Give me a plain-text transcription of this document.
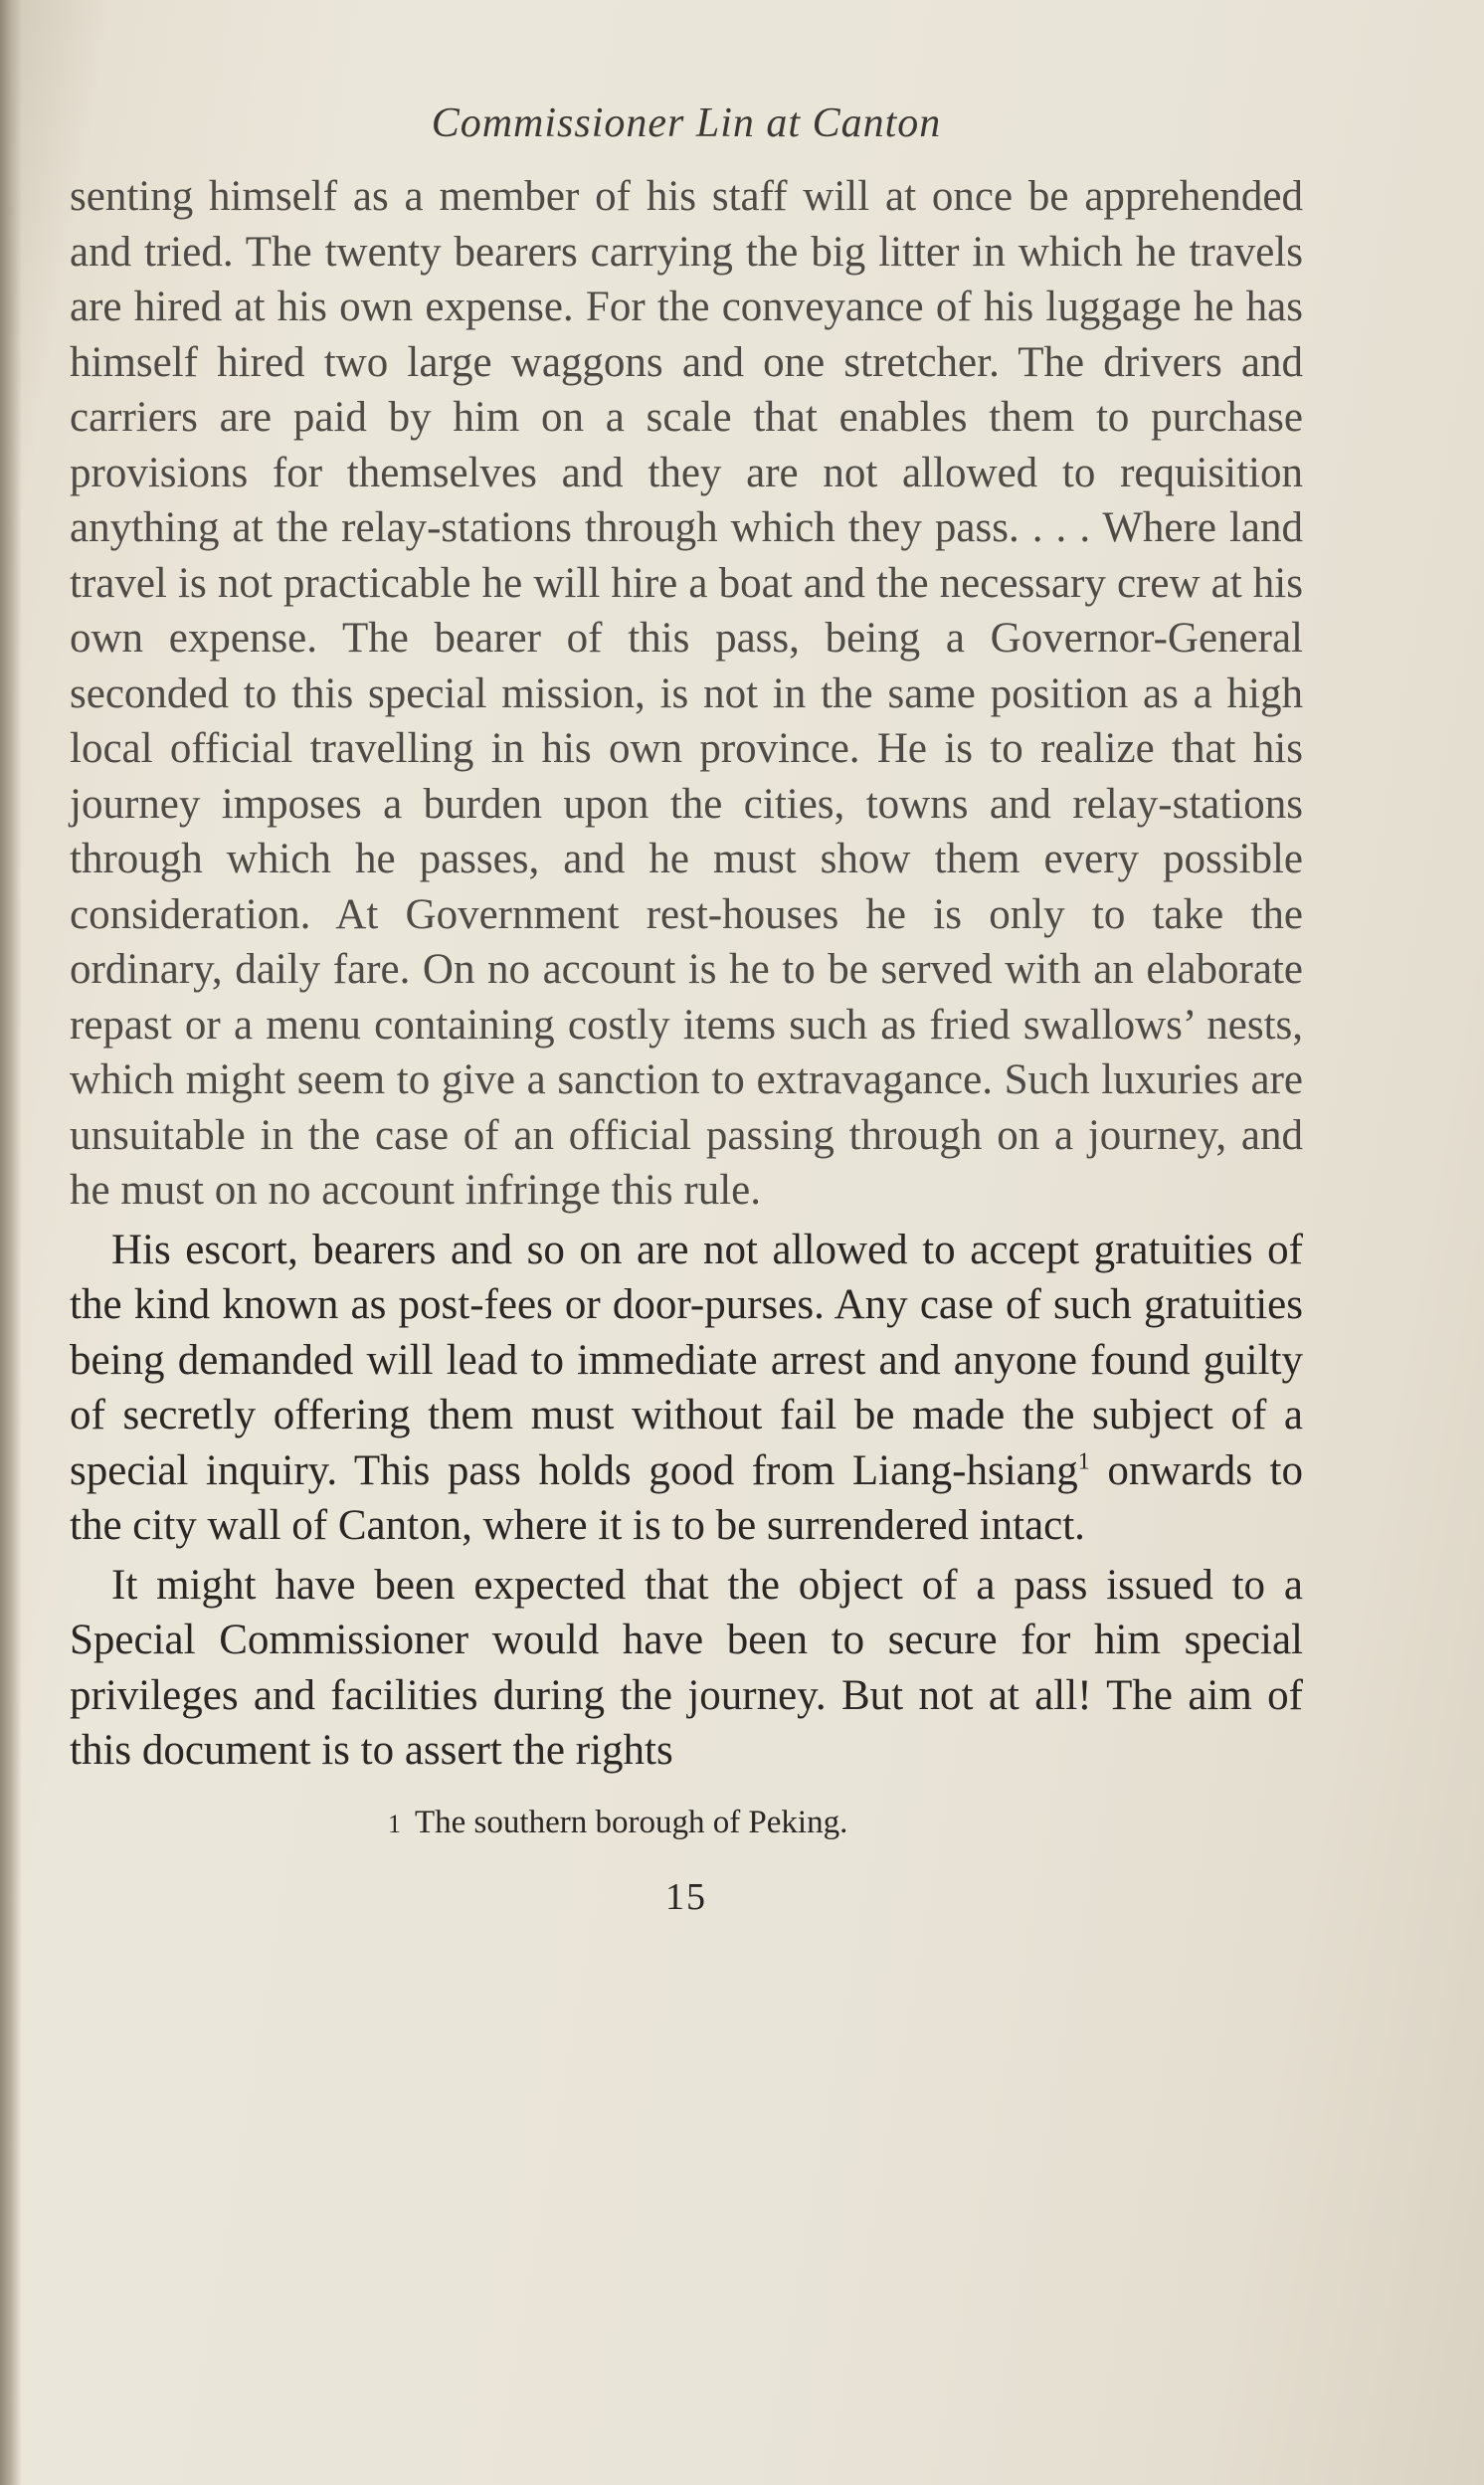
Commissioner Lin at Canton

senting himself as a member of his staff will at once be apprehended and tried. The twenty bearers carrying the big litter in which he travels are hired at his own expense. For the conveyance of his luggage he has himself hired two large waggons and one stretcher. The drivers and carriers are paid by him on a scale that enables them to purchase provisions for themselves and they are not allowed to requisition anything at the relay-stations through which they pass. . . . Where land travel is not practicable he will hire a boat and the necessary crew at his own expense. The bearer of this pass, being a Governor-General seconded to this special mission, is not in the same position as a high local official travelling in his own province. He is to realize that his journey imposes a burden upon the cities, towns and relay-stations through which he passes, and he must show them every possible consideration. At Government rest-houses he is only to take the ordinary, daily fare. On no account is he to be served with an elaborate repast or a menu containing costly items such as fried swallows’ nests, which might seem to give a sanction to extravagance. Such luxuries are unsuitable in the case of an official passing through on a journey, and he must on no account infringe this rule.

His escort, bearers and so on are not allowed to accept gratuities of the kind known as post-fees or door-purses. Any case of such gratuities being demanded will lead to immediate arrest and anyone found guilty of secretly offering them must without fail be made the subject of a special inquiry. This pass holds good from Liang-hsiang$^1$ onwards to the city wall of Canton, where it is to be surrendered intact.

It might have been expected that the object of a pass issued to a Special Commissioner would have been to secure for him special privileges and facilities during the journey. But not at all! The aim of this document is to assert the rights

1 The southern borough of Peking.
15
